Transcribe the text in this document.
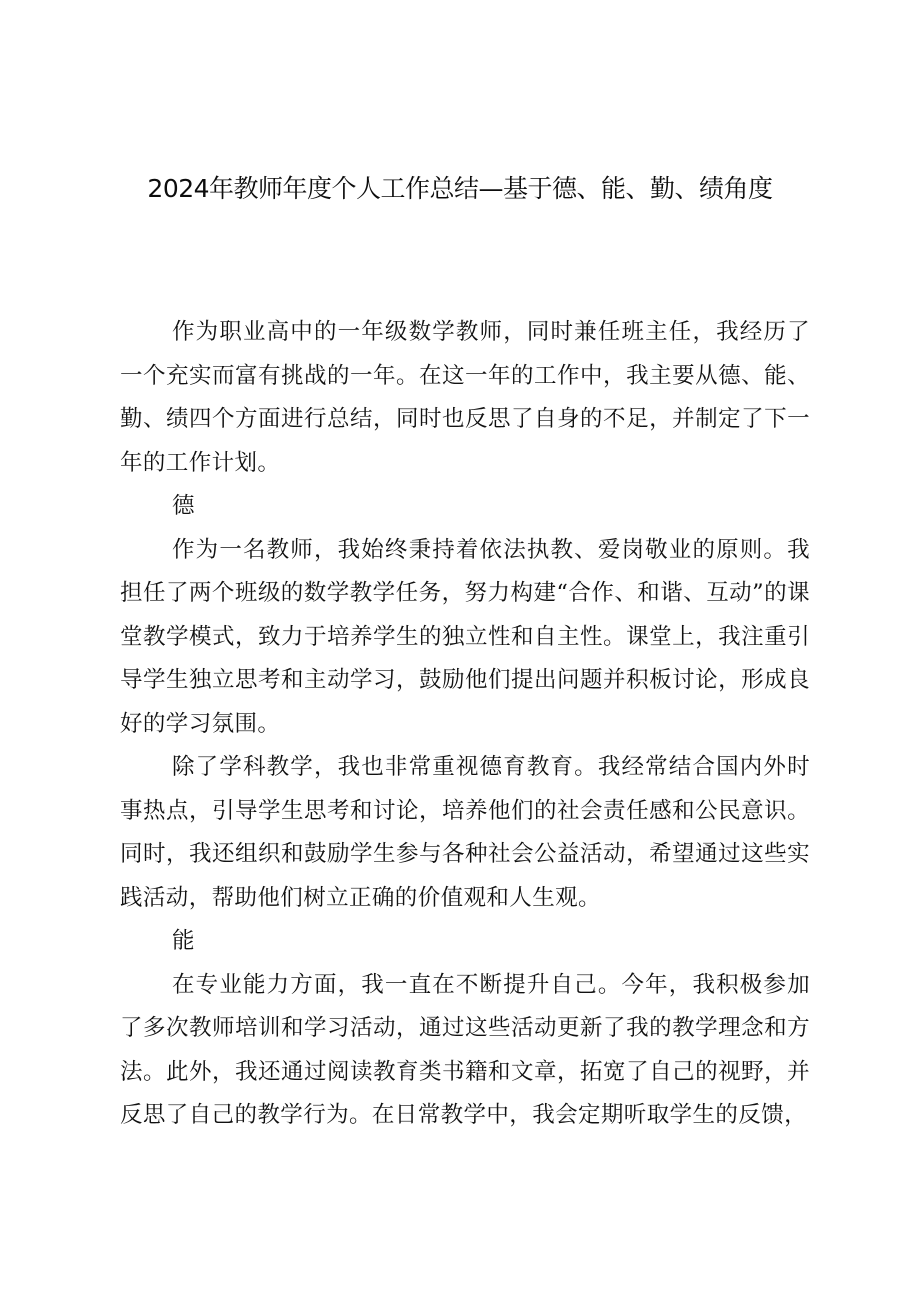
2024年教师年度个人工作总结—基于德、能、勤、绩角度

作为职业高中的一年级数学教师，同时兼任班主任，我经历了一个充实而富有挑战的一年。在这一年的工作中，我主要从德、能、勤、绩四个方面进行总结，同时也反思了自身的不足，并制定了下一年的工作计划。

德

作为一名教师，我始终秉持着依法执教、爱岗敬业的原则。我担任了两个班级的数学教学任务，努力构建“合作、和谐、互动”的课堂教学模式，致力于培养学生的独立性和自主性。课堂上，我注重引导学生独立思考和主动学习，鼓励他们提出问题并积板讨论，形成良好的学习氛围。

除了学科教学，我也非常重视德育教育。我经常结合国内外时事热点，引导学生思考和讨论，培养他们的社会责任感和公民意识。同时，我还组织和鼓励学生参与各种社会公益活动，希望通过这些实践活动，帮助他们树立正确的价值观和人生观。

能

在专业能力方面，我一直在不断提升自己。今年，我积极参加了多次教师培训和学习活动，通过这些活动更新了我的教学理念和方法。此外，我还通过阅读教育类书籍和文章，拓宽了自己的视野，并反思了自己的教学行为。在日常教学中，我会定期听取学生的反馈，
